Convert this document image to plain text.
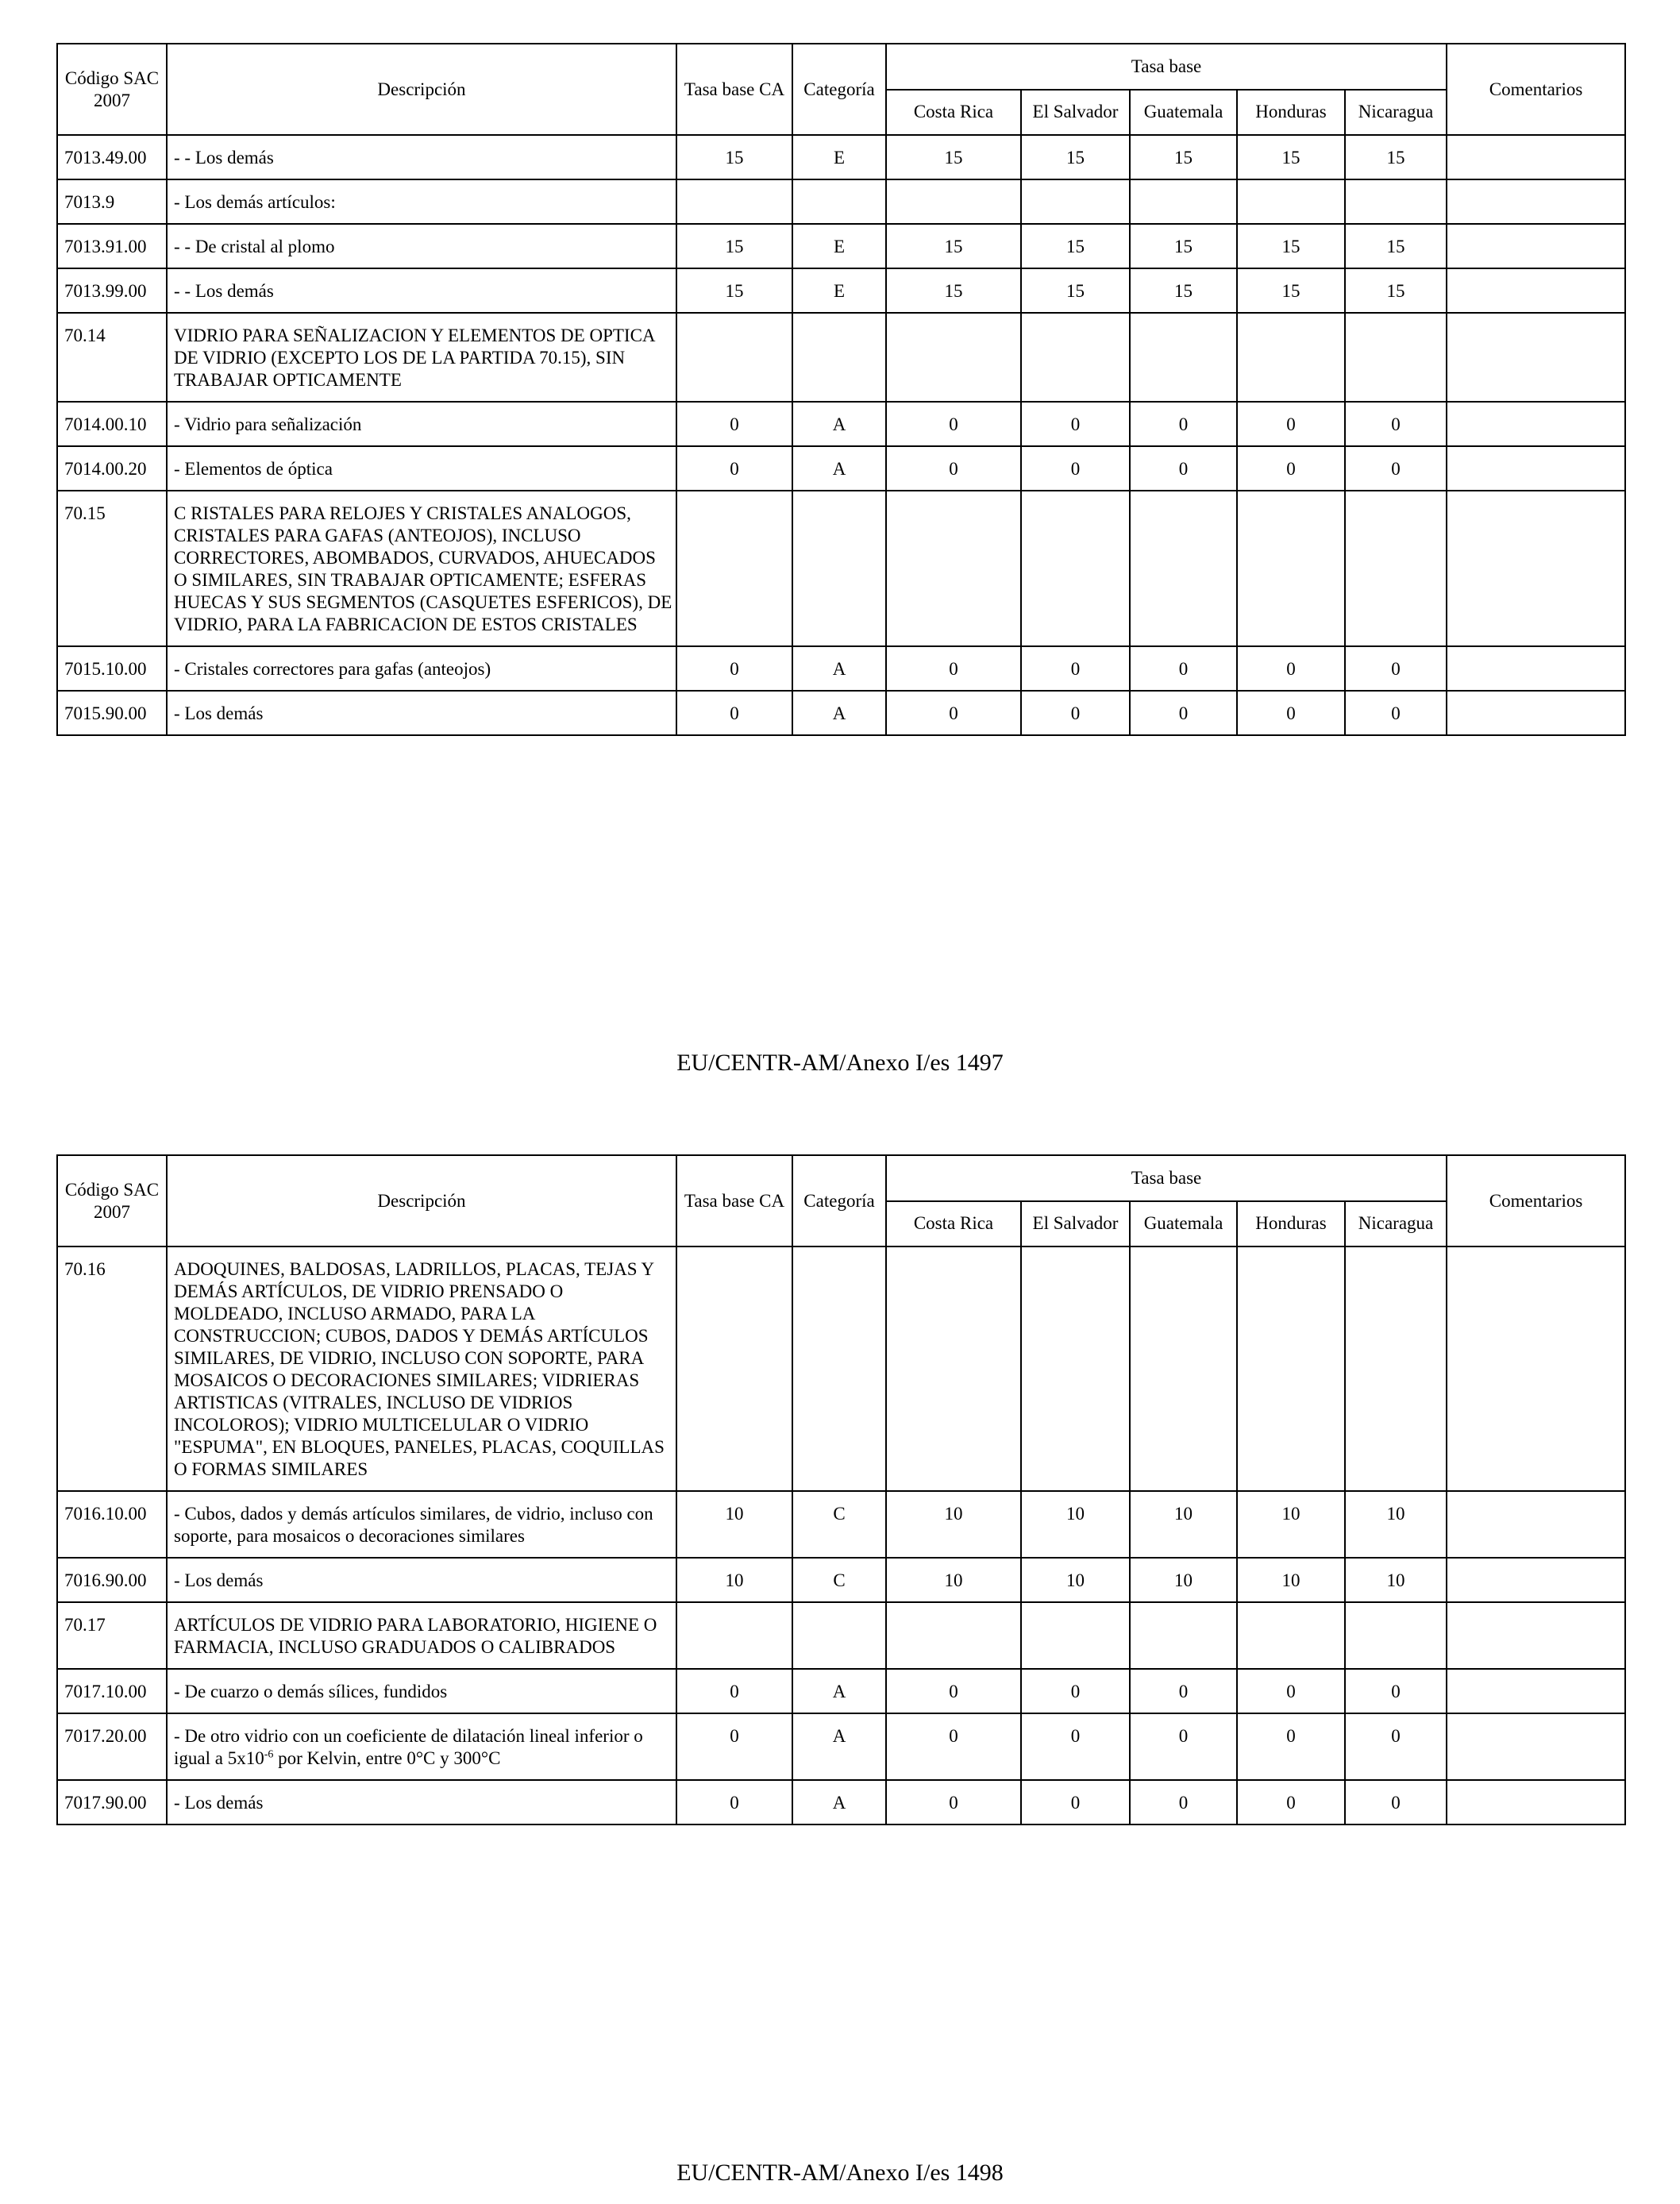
Código SAC 2007	Descripción	Tasa base CA	Categoría	Tasa base					Comentarios
				Costa Rica	El Salvador	Guatemala	Honduras	Nicaragua	
7013.49.00	- - Los demás	15	E	15	15	15	15	15	
7013.9	- Los demás artículos:								
7013.91.00	- - De cristal al plomo	15	E	15	15	15	15	15	
7013.99.00	- - Los demás	15	E	15	15	15	15	15	
70.14	VIDRIO PARA SEÑALIZACION Y ELEMENTOS DE OPTICA DE VIDRIO (EXCEPTO LOS DE LA PARTIDA 70.15), SIN TRABAJAR OPTICAMENTE								
7014.00.10	- Vidrio para señalización	0	A	0	0	0	0	0	
7014.00.20	- Elementos de óptica	0	A	0	0	0	0	0	
70.15	C RISTALES PARA RELOJES Y CRISTALES ANALOGOS, CRISTALES PARA GAFAS (ANTEOJOS), INCLUSO CORRECTORES, ABOMBADOS, CURVADOS, AHUECADOS O SIMILARES, SIN TRABAJAR OPTICAMENTE; ESFERAS HUECAS Y SUS SEGMENTOS (CASQUETES ESFERICOS), DE VIDRIO, PARA LA FABRICACION DE ESTOS CRISTALES								
7015.10.00	- Cristales correctores para gafas (anteojos)	0	A	0	0	0	0	0	
7015.90.00	- Los demás	0	A	0	0	0	0	0	
EU/CENTR-AM/Anexo I/es 1497
Código SAC 2007	Descripción	Tasa base CA	Categoría	Tasa base					Comentarios
				Costa Rica	El Salvador	Guatemala	Honduras	Nicaragua	
70.16	ADOQUINES, BALDOSAS, LADRILLOS, PLACAS, TEJAS Y DEMÁS ARTÍCULOS, DE VIDRIO PRENSADO O MOLDEADO, INCLUSO ARMADO, PARA LA CONSTRUCCION; CUBOS, DADOS Y DEMÁS ARTÍCULOS SIMILARES, DE VIDRIO, INCLUSO CON SOPORTE, PARA MOSAICOS O DECORACIONES SIMILARES; VIDRIERAS ARTISTICAS (VITRALES, INCLUSO DE VIDRIOS INCOLOROS); VIDRIO MULTICELULAR O VIDRIO "ESPUMA", EN BLOQUES, PANELES, PLACAS, COQUILLAS O FORMAS SIMILARES								
7016.10.00	- Cubos, dados y demás artículos similares, de vidrio, incluso con soporte, para mosaicos o decoraciones similares	10	C	10	10	10	10	10	
7016.90.00	- Los demás	10	C	10	10	10	10	10	
70.17	ARTÍCULOS DE VIDRIO PARA LABORATORIO, HIGIENE O FARMACIA, INCLUSO GRADUADOS O CALIBRADOS								
7017.10.00	- De cuarzo o demás sílices, fundidos	0	A	0	0	0	0	0	
7017.20.00	- De otro vidrio con un coeficiente de dilatación lineal inferior o igual a $5x10^{-6}$ por Kelvin, entre 0°C y 300°C	0	A	0	0	0	0	0	
7017.90.00	- Los demás	0	A	0	0	0	0	0	
EU/CENTR-AM/Anexo I/es 1498
